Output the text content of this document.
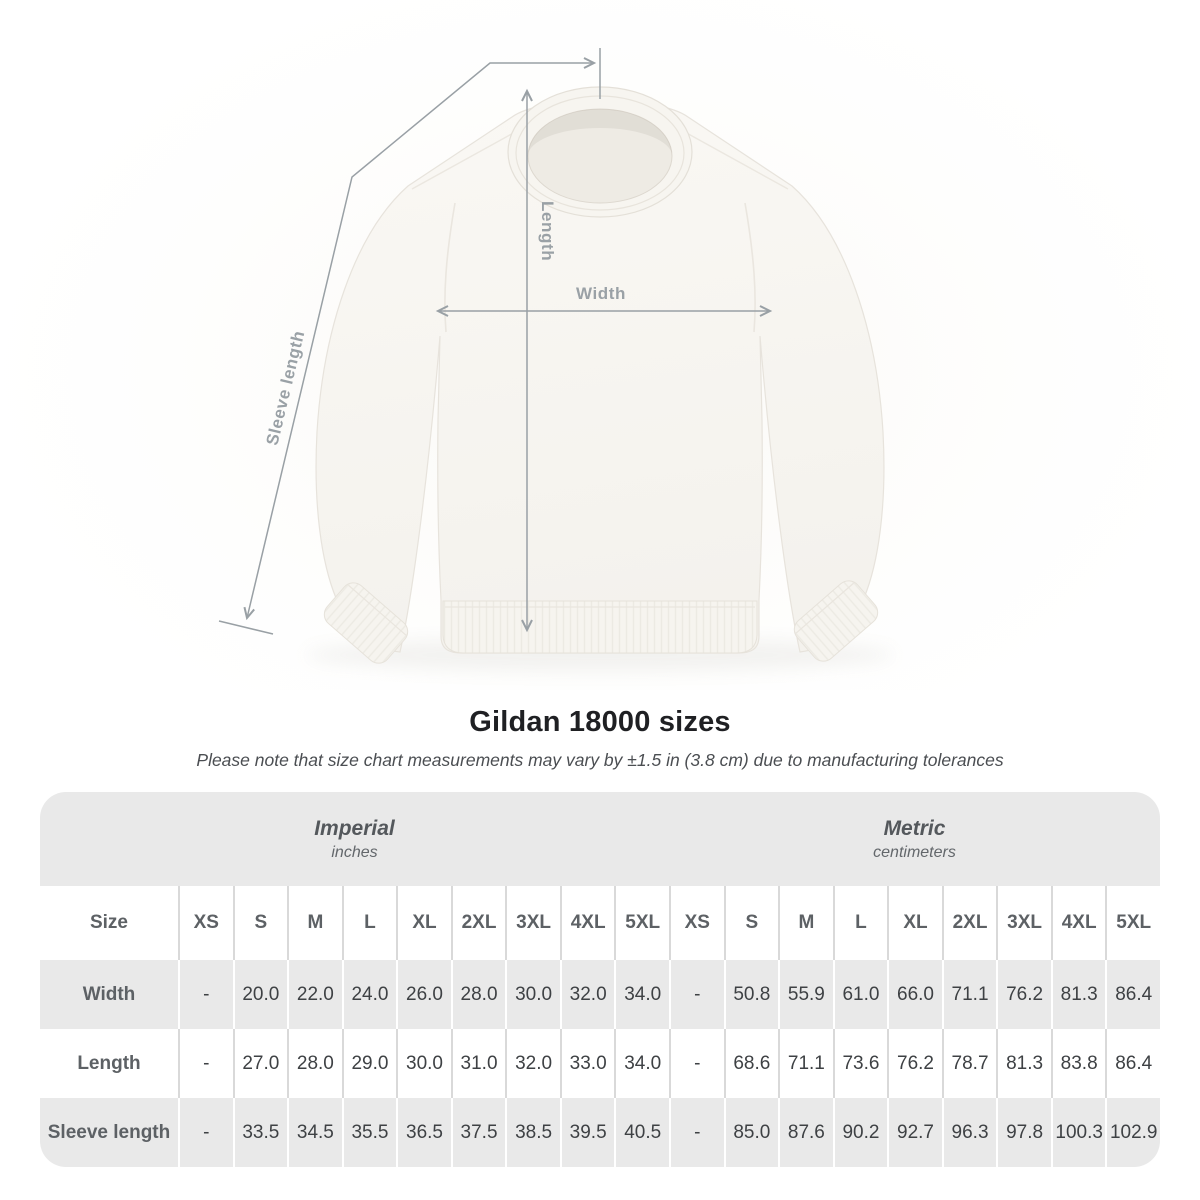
Length
Width
Sleeve length
Gildan 18000 sizes

Please note that size chart measurements may vary by ±1.5 in (3.8 cm) due to manufacturing tolerances

Imperial
inches
Metric
centimeters
Size	XS	S	M	L	XL	2XL	3XL	4XL	5XL	XS	S	M	L	XL	2XL	3XL	4XL	5XL
Width	-	20.0 22.0 24.0 26.0 28.0 30.0 32.0 34.0	-	50.8 55.9 61.0 66.0 71.1 76.2 81.3 86.4
Length	-	27.0 28.0 29.0 30.0 31.0 32.0 33.0 34.0	-	68.6 71.1 73.6 76.2 78.7 81.3 83.8 86.4
Sleeve length	-	33.5 34.5 35.5 36.5 37.5 38.5 39.5 40.5	-	85.0 87.6 90.2 92.7 96.3 97.8 100.3 102.9
